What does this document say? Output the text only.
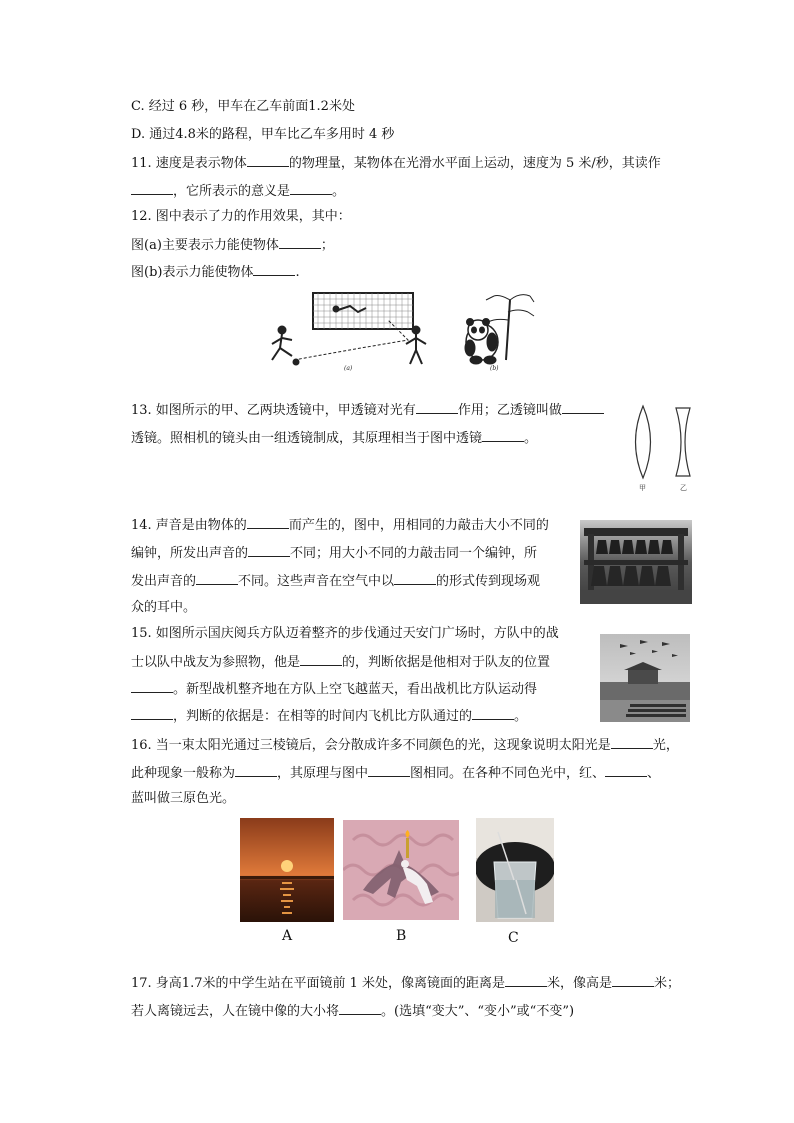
C. 经过 6 秒，甲车在乙车前面1.2米处
D. 通过4.8米的路程，甲车比乙车多用时 4 秒
11. 速度是表示物体	的物理量，某物体在光滑水平面上运动，速度为 5 米/秒，其读作
，它所表示的意义是	。
12. 图中表示了力的作用效果，其中：
图(a)主要表示力能使物体	；
图(b)表示力能使物体	.
(a)	(b)
13. 如图所示的甲、乙两块透镜中，甲透镜对光有	作用；乙透镜叫做
透镜。照相机的镜头由一组透镜制成，其原理相当于图中透镜	。
甲	乙
14. 声音是由物体的	而产生的，图中，用相同的力敲击大小不同的
编钟，所发出声音的	不同；用大小不同的力敲击同一个编钟，所
发出声音的	不同。这些声音在空气中以	的形式传到现场观
众的耳中。
15. 如图所示国庆阅兵方队迈着整齐的步伐通过天安门广场时，方队中的战
士以队中战友为参照物，他是	的，判断依据是他相对于队友的位置
。新型战机整齐地在方队上空飞越蓝天，看出战机比方队运动得
，判断的依据是：在相等的时间内飞机比方队通过的	。
16. 当一束太阳光通过三棱镜后，会分散成许多不同颜色的光，这现象说明太阳光是	光，
此种现象一般称为	，其原理与图中	图相同。在各种不同色光中，红、	、
蓝叫做三原色光。
A	B	C
17. 身高1.7米的中学生站在平面镜前 1 米处，像离镜面的距离是	米，像高是	米；
若人离镜远去，人在镜中像的大小将	。(选填“变大”、“变小”或“不变”)
